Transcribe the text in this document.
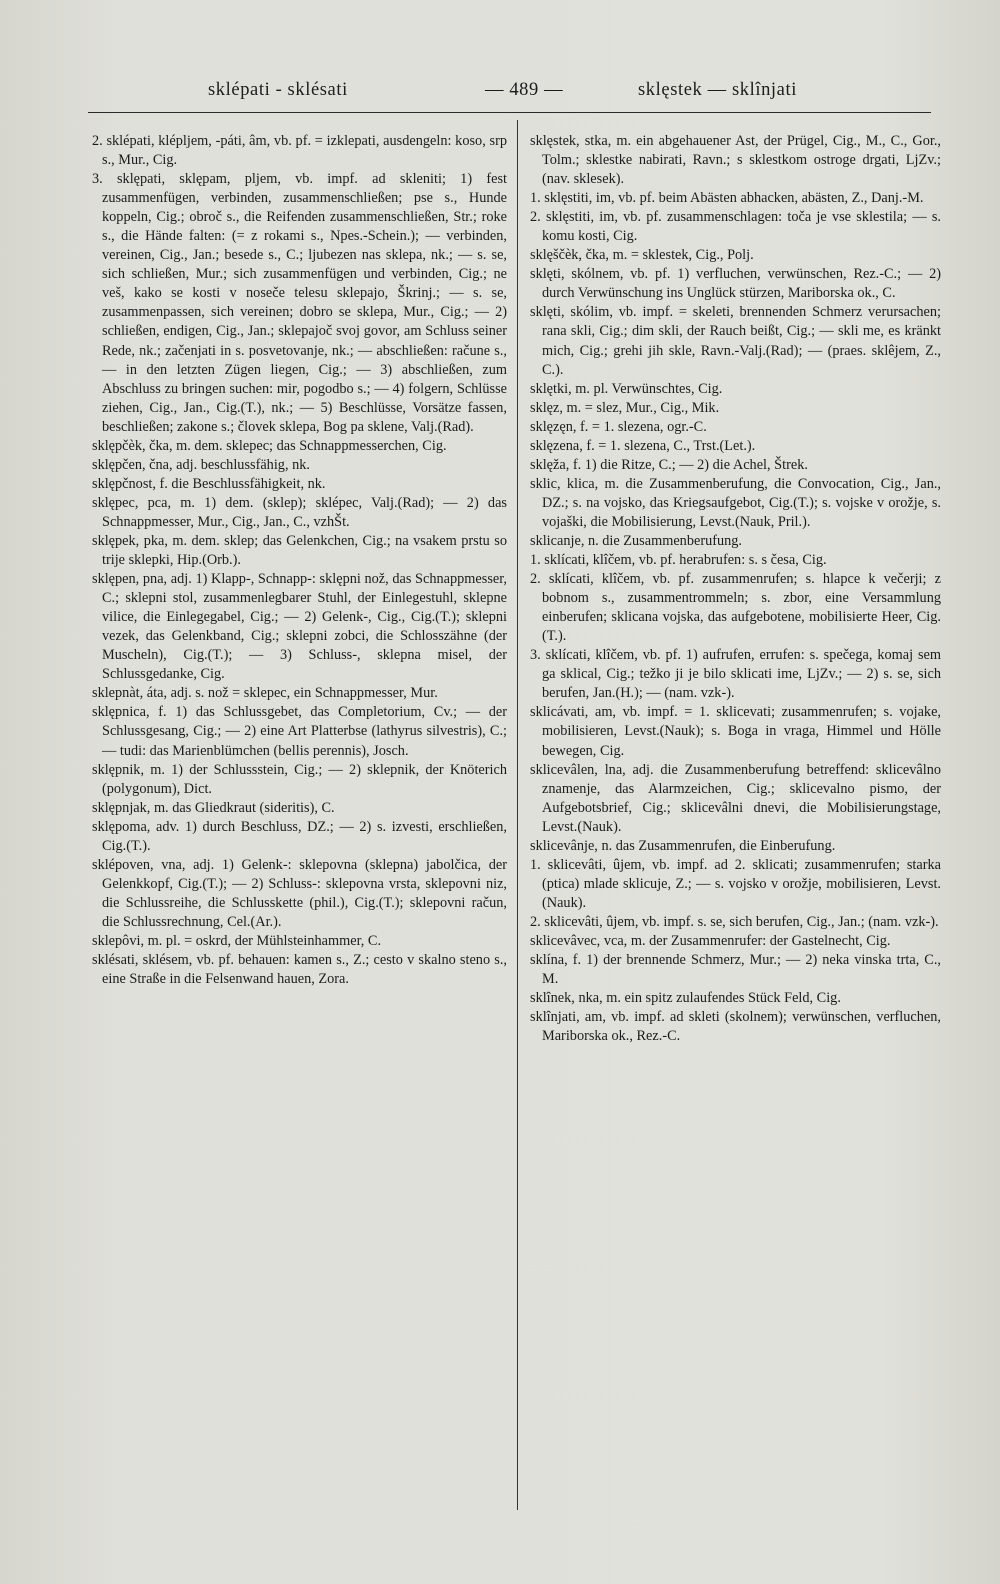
sklépati - sklésati	— 489 —	sklęstek — sklînjati

2. sklépati, klépljem, -páti, âm, vb. pf. = izklepati, ausdengeln: koso, srp s., Mur., Cig.

3. sklępati, sklępam, pljem, vb. impf. ad skleniti; 1) fest zusammenfügen, verbinden, zusammenschließen; pse s., Hunde koppeln, Cig.; obroč s., die Reifenden zusammenschließen, Str.; roke s., die Hände falten: (= z rokami s., Npes.-Schein.); — verbinden, vereinen, Cig., Jan.; besede s., C.; ljubezen nas sklepa, nk.; — s. se, sich schließen, Mur.; sich zusammenfügen und verbinden, Cig.; ne veš, kako se kosti v noseče telesu sklepajo, Škrinj.; — s. se, zusammenpassen, sich vereinen; dobro se sklepa, Mur., Cig.; — 2) schließen, endigen, Cig., Jan.; sklepajoč svoj govor, am Schluss seiner Rede, nk.; začenjati in s. posvetovanje, nk.; — abschließen: račune s., — in den letzten Zügen liegen, Cig.; — 3) abschließen, zum Abschluss zu bringen suchen: mir, pogodbo s.; — 4) folgern, Schlüsse ziehen, Cig., Jan., Cig.(T.), nk.; — 5) Beschlüsse, Vorsätze fassen, beschließen; zakone s.; človek sklepa, Bog pa sklene, Valj.(Rad).

sklępčèk, čka, m. dem. sklepec; das Schnappmesserchen, Cig.

sklępčen, čna, adj. beschlussfähig, nk.

sklępčnost, f. die Beschlussfähigkeit, nk.

sklępec, pca, m. 1) dem. (sklep); sklépec, Valj.(Rad); — 2) das Schnappmesser, Mur., Cig., Jan., C., vzhŠt.

sklępek, pka, m. dem. sklep; das Gelenkchen, Cig.; na vsakem prstu so trije sklepki, Hip.(Orb.).

sklępen, pna, adj. 1) Klapp-, Schnapp-: sklępni nož, das Schnappmesser, C.; sklepni stol, zusammenlegbarer Stuhl, der Einlegestuhl, sklepne vilice, die Einlegegabel, Cig.; — 2) Gelenk-, Cig., Cig.(T.); sklepni vezek, das Gelenkband, Cig.; sklepni zobci, die Schlosszähne (der Muscheln), Cig.(T.); — 3) Schluss-, sklepna misel, der Schlussgedanke, Cig.

sklepnàt, áta, adj. s. nož = sklepec, ein Schnappmesser, Mur.

sklępnica, f. 1) das Schlussgebet, das Completorium, Cv.; — der Schlussgesang, Cig.; — 2) eine Art Platterbse (lathyrus silvestris), C.; — tudi: das Marienblümchen (bellis perennis), Josch.

sklępnik, m. 1) der Schlussstein, Cig.; — 2) sklepnik, der Knöterich (polygonum), Dict.

sklępnjak, m. das Gliedkraut (sideritis), C.

sklępoma, adv. 1) durch Beschluss, DZ.; — 2) s. izvesti, erschließen, Cig.(T.).

sklépoven, vna, adj. 1) Gelenk-: sklepovna (sklepna) jabolčica, der Gelenkkopf, Cig.(T.); — 2) Schluss-: sklepovna vrsta, sklepovni niz, die Schlussreihe, die Schlusskette (phil.), Cig.(T.); sklepovni račun, die Schlussrechnung, Cel.(Ar.).

sklepôvi, m. pl. = oskrd, der Mühlsteinhammer, C.

sklésati, sklésem, vb. pf. behauen: kamen s., Z.; cesto v skalno steno s., eine Straße in die Felsenwand hauen, Zora.

sklęstek, stka, m. ein abgehauener Ast, der Prügel, Cig., M., C., Gor., Tolm.; sklestke nabirati, Ravn.; s sklestkom ostroge drgati, LjZv.; (nav. sklesek).

1. sklęstiti, im, vb. pf. beim Abästen abhacken, abästen, Z., Danj.-M.

2. sklęstiti, im, vb. pf. zusammenschlagen: toča je vse sklestila; — s. komu kosti, Cig.

sklęščèk, čka, m. = sklestek, Cig., Polj.

sklęti, skólnem, vb. pf. 1) verfluchen, verwünschen, Rez.-C.; — 2) durch Verwünschung ins Unglück stürzen, Mariborska ok., C.

sklęti, skólim, vb. impf. = skeleti, brennenden Schmerz verursachen; rana skli, Cig.; dim skli, der Rauch beißt, Cig.; — skli me, es kränkt mich, Cig.; grehi jih skle, Ravn.-Valj.(Rad); — (praes. sklêjem, Z., C.).

sklętki, m. pl. Verwünschtes, Cig.

sklęz, m. = slez, Mur., Cig., Mik.

sklęzęn, f. = 1. slezena, ogr.-C.

sklęzena, f. = 1. slezena, C., Trst.(Let.).

sklęža, f. 1) die Ritze, C.; — 2) die Achel, Štrek.

sklic, klica, m. die Zusammenberufung, die Convocation, Cig., Jan., DZ.; s. na vojsko, das Kriegsaufgebot, Cig.(T.); s. vojske v orožje, s. vojaški, die Mobilisierung, Levst.(Nauk, Pril.).

sklicanje, n. die Zusammenberufung.

1. sklícati, klîčem, vb. pf. herabrufen: s. s česa, Cig.

2. sklícati, klîčem, vb. pf. zusammenrufen; s. hlapce k večerji; z bobnom s., zusammentrommeln; s. zbor, eine Versammlung einberufen; sklicana vojska, das aufgebotene, mobilisierte Heer, Cig.(T.).

3. sklícati, klîčem, vb. pf. 1) aufrufen, errufen: s. spečega, komaj sem ga sklical, Cig.; težko ji je bilo sklicati ime, LjZv.; — 2) s. se, sich berufen, Jan.(H.); — (nam. vzk-).

sklicávati, am, vb. impf. = 1. sklicevati; zusammenrufen; s. vojake, mobilisieren, Levst.(Nauk); s. Boga in vraga, Himmel und Hölle bewegen, Cig.

sklicevâlen, lna, adj. die Zusammenberufung betreffend: sklicevâlno znamenje, das Alarmzeichen, Cig.; sklicevalno pismo, der Aufgebotsbrief, Cig.; sklicevâlni dnevi, die Mobilisierungstage, Levst.(Nauk).

sklicevânje, n. das Zusammenrufen, die Einberufung.

1. sklicevâti, ûjem, vb. impf. ad 2. sklicati; zusammenrufen; starka (ptica) mlade sklicuje, Z.; — s. vojsko v orožje, mobilisieren, Levst.(Nauk).

2. sklicevâti, ûjem, vb. impf. s. se, sich berufen, Cig., Jan.; (nam. vzk-).

sklicevâvec, vca, m. der Zusammenrufer: der Gastelnecht, Cig.

sklína, f. 1) der brennende Schmerz, Mur.; — 2) neka vinska trta, C., M.

sklînek, nka, m. ein spitz zulaufendes Stück Feld, Cig.

sklînjati, am, vb. impf. ad skleti (skolnem); verwünschen, verfluchen, Mariborska ok., Rez.-C.
